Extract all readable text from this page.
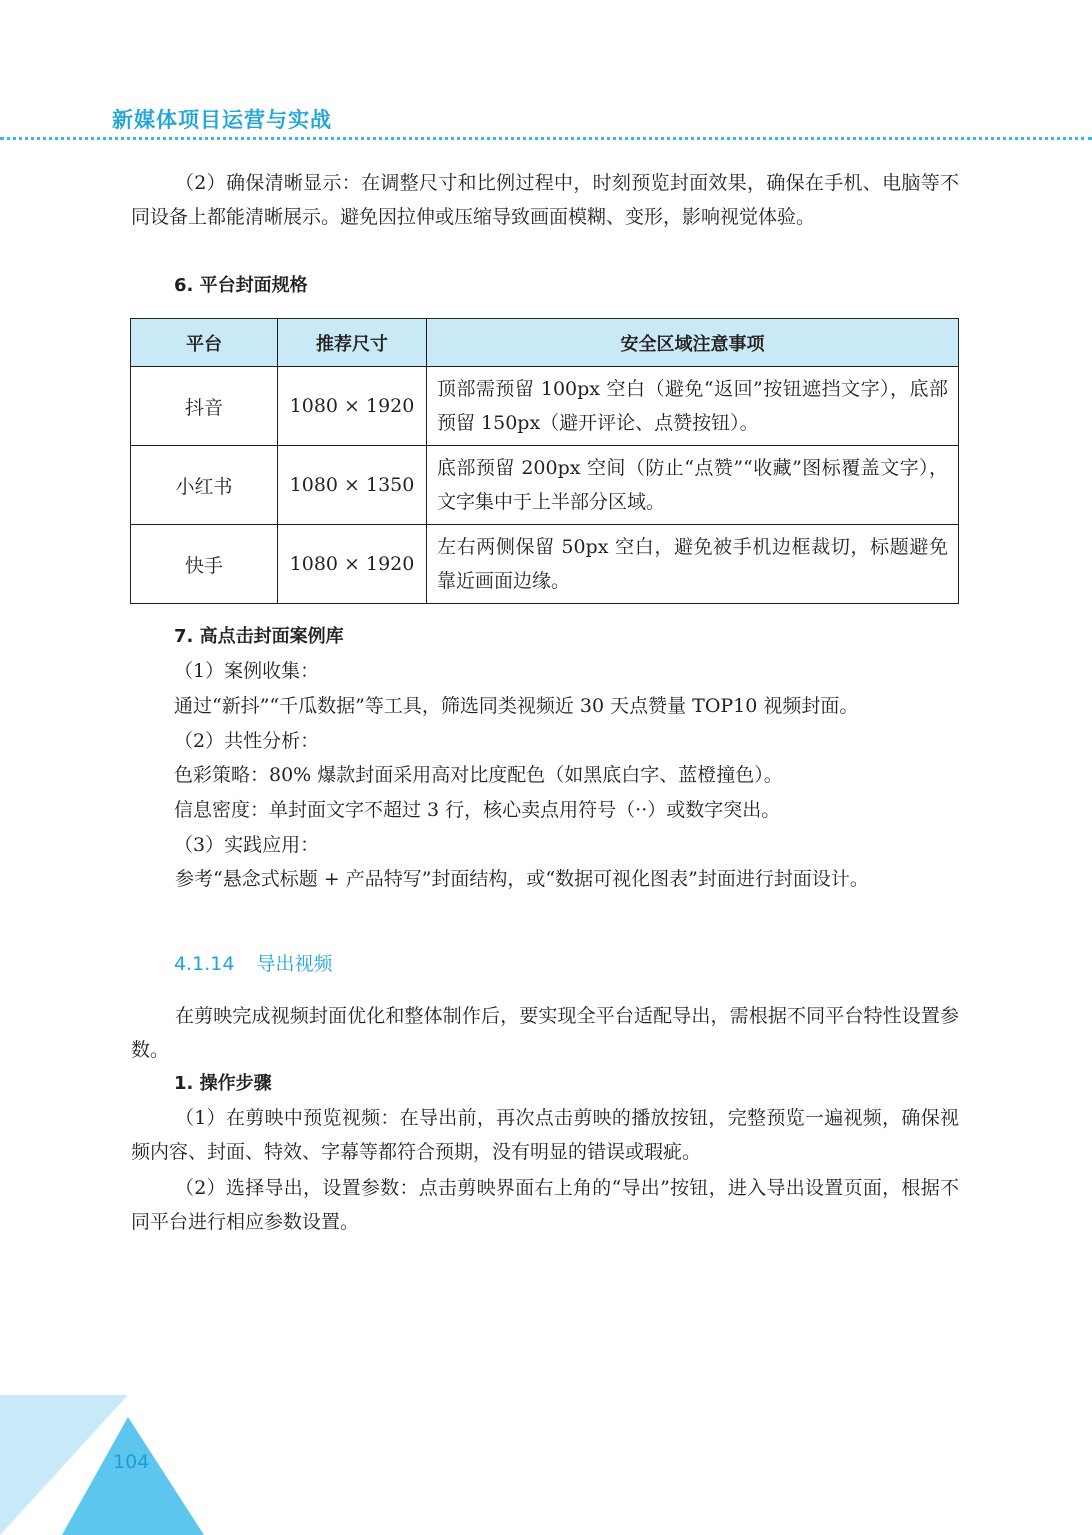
新媒体项目运营与实战

（2）确保清晰显示：在调整尺寸和比例过程中，时刻预览封面效果，确保在手机、电脑等不同设备上都能清晰展示。避免因拉伸或压缩导致画面模糊、变形，影响视觉体验。

6. 平台封面规格
平台	推荐尺寸	安全区域注意事项
抖音	1080 × 1920	顶部需预留 100px 空白（避免“返回”按钮遮挡文字），底部预留 150px（避开评论、点赞按钮）。
小红书	1080 × 1350	底部预留 200px 空间（防止“点赞”“收藏”图标覆盖文字），文字集中于上半部分区域。
快手	1080 × 1920	左右两侧保留 50px 空白，避免被手机边框裁切，标题避免靠近画面边缘。
7. 高点击封面案例库
（1）案例收集：
通过“新抖”“千瓜数据”等工具，筛选同类视频近 30 天点赞量 TOP10 视频封面。
（2）共性分析：
色彩策略：80% 爆款封面采用高对比度配色（如黑底白字、蓝橙撞色）。
信息密度：单封面文字不超过 3 行，核心卖点用符号（··）或数字突出。
（3）实践应用：

参考“悬念式标题 + 产品特写”封面结构，或“数据可视化图表”封面进行封面设计。

4.1.14 导出视频

在剪映完成视频封面优化和整体制作后，要实现全平台适配导出，需根据不同平台特性设置参数。

1. 操作步骤

（1）在剪映中预览视频：在导出前，再次点击剪映的播放按钮，完整预览一遍视频，确保视频内容、封面、特效、字幕等都符合预期，没有明显的错误或瑕疵。

（2）选择导出，设置参数：点击剪映界面右上角的“导出”按钮，进入导出设置页面，根据不同平台进行相应参数设置。

104
